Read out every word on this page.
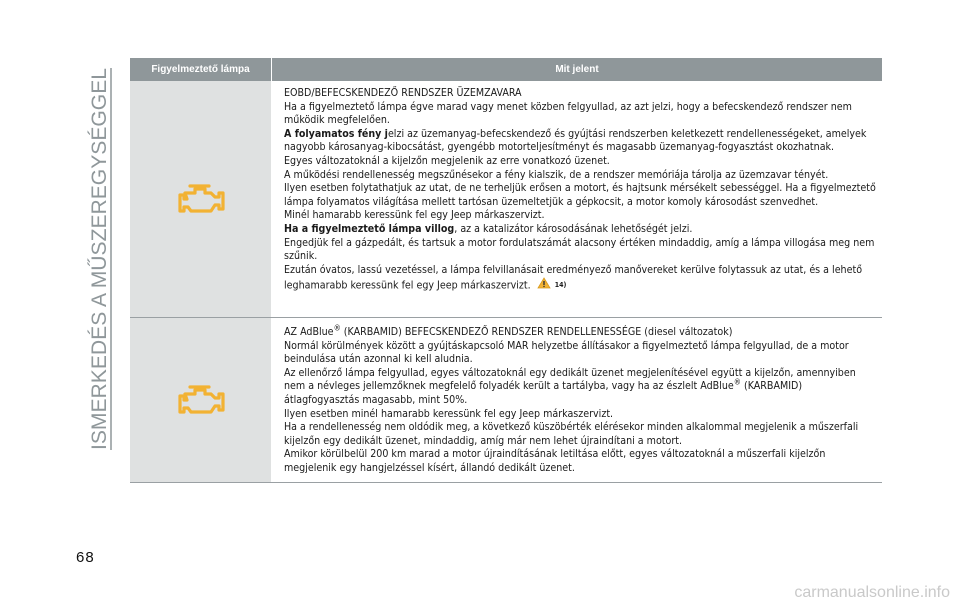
ISMERKEDÉS A MŰSZEREGYSÉGGEL	Figyelmeztető lámpa	Mit jelent

EOBD/BEFECSKENDEZŐ RENDSZER ÜZEMZAVARA

Ha a figyelmeztető lámpa égve marad vagy menet közben felgyullad, az azt jelzi, hogy a befecskendező rendszer nem működik megfelelően.

A folyamatos fény jelzi az üzemanyag-befecskendező és gyújtási rendszerben keletkezett rendellenességeket, amelyek nagyobb károsanyag-kibocsátást, gyengébb motorteljesítményt és magasabb üzemanyag-fogyasztást okozhatnak.

Egyes változatoknál a kijelzőn megjelenik az erre vonatkozó üzenet.

A működési rendellenesség megszűnésekor a fény kialszik, de a rendszer memóriája tárolja az üzemzavar tényét.

Ilyen esetben folytathatjuk az utat, de ne terheljük erősen a motort, és hajtsunk mérsékelt sebességgel. Ha a figyelmeztető lámpa folyamatos világítása mellett tartósan üzemeltetjük a gépkocsit, a motor komoly károsodást szenvedhet.

Minél hamarabb keressünk fel egy Jeep márkaszervizt.

Ha a figyelmeztető lámpa villog, az a katalizátor károsodásának lehetőségét jelzi.

Engedjük fel a gázpedált, és tartsuk a motor fordulatszámát alacsony értéken mindaddig, amíg a lámpa villogása meg nem szűnik.

Ezután óvatos, lassú vezetéssel, a lámpa felvillanásait eredményező manővereket kerülve folytassuk az utat, és a lehető leghamarabb keressünk fel egy Jeep márkaszervizt.	14)

AZ AdBlue® (KARBAMID) BEFECSKENDEZŐ RENDSZER RENDELLENESSÉGE (diesel változatok)

Normál körülmények között a gyújtáskapcsoló MAR helyzetbe állításakor a figyelmeztető lámpa felgyullad, de a motor beindulása után azonnal ki kell aludnia.

Az ellenőrző lámpa felgyullad, egyes változatoknál egy dedikált üzenet megjelenítésével együtt a kijelzőn, amennyiben nem a névleges jellemzőknek megfelelő folyadék került a tartályba, vagy ha az észlelt AdBlue® (KARBAMID) átlagfogyasztás magasabb, mint 50%.

Ilyen esetben minél hamarabb keressünk fel egy Jeep márkaszervizt.

Ha a rendellenesség nem oldódik meg, a következő küszöbérték elérésekor minden alkalommal megjelenik a műszerfali kijelzőn egy dedikált üzenet, mindaddig, amíg már nem lehet újraindítani a motort.

Amikor körülbelül 200 km marad a motor újraindításának letiltása előtt, egyes változatoknál a műszerfali kijelzőn megjelenik egy hangjelzéssel kísért, állandó dedikált üzenet.

68
carmanualsonline.info
